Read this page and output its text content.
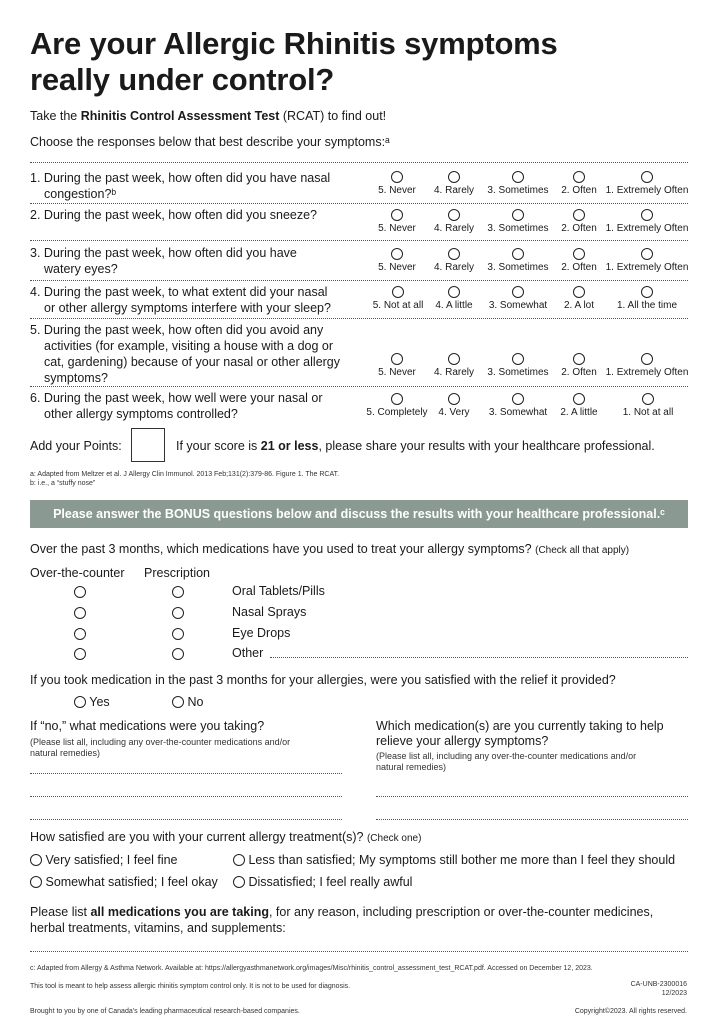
Are your Allergic Rhinitis symptoms
really under control?
Take the Rhinitis Control Assessment Test (RCAT) to find out!
Choose the responses below that best describe your symptoms:ᵃ
1. During the past week, how often did you have nasal
congestion?ᵇ	5. Never	4. Rarely	3. Sometimes	2. Often 1. Extremely Often
2. During the past week, how often did you sneeze?
5. Never	4. Rarely	3. Sometimes	2. Often 1. Extremely Often
3. During the past week, how often did you have
watery eyes?	5. Never	4. Rarely	3. Sometimes	2. Often 1. Extremely Often
4. During the past week, to what extent did your nasal
or other allergy symptoms interfere with your sleep?	5. Not at all	4. A little	3. Somewhat	2. A lot	1. All the time
5. During the past week, how often did you avoid any
activities (for example, visiting a house with a dog or
cat, gardening) because of your nasal or other allergy
symptoms?	5. Never	4. Rarely	3. Sometimes	2. Often 1. Extremely Often
6. During the past week, how well were your nasal or
other allergy symptoms controlled?	5. Completely	4. Very	3. Somewhat	2. A little	1. Not at all
Add your Points:	If your score is 21 or less, please share your results with your healthcare professional.
a: Adapted from Meltzer et al. J Allergy Clin Immunol. 2013 Feb;131(2):379-86. Figure 1. The RCAT.
b: i.e., a “stuffy nose”
Please answer the BONUS questions below and discuss the results with your healthcare professional.ᶜ
Over the past 3 months, which medications have you used to treat your allergy symptoms? (Check all that apply)
Over-the-counter Prescription
Oral Tablets/Pills
Nasal Sprays
Eye Drops
Other
If you took medication in the past 3 months for your allergies, were you satisfied with the relief it provided?
Yes	No
If “no,” what medications were you taking?
(Please list all, including any over-the-counter medications and/or
natural remedies)
Which medication(s) are you currently taking to help
relieve your allergy symptoms?
(Please list all, including any over-the-counter medications and/or
natural remedies)
How satisfied are you with your current allergy treatment(s)? (Check one)
Very satisfied; I feel fine	Less than satisfied; My symptoms still bother me more than I feel they should
Somewhat satisfied; I feel okay	Dissatisfied; I feel really awful
Please list all medications you are taking, for any reason, including prescription or over-the-counter medicines,
herbal treatments, vitamins, and supplements:
c: Adapted from Allergy & Asthma Network. Available at: https://allergyasthmanetwork.org/images/Misc/rhinitis_control_assessment_test_RCAT.pdf. Accessed on December 12, 2023.
This tool is meant to help assess allergic rhinitis symptom control only. It is not to be used for diagnosis.	CA-UNB-2300016
12/2023
Brought to you by one of Canada's leading pharmaceutical research-based companies.	Copyright©2023. All rights reserved.
